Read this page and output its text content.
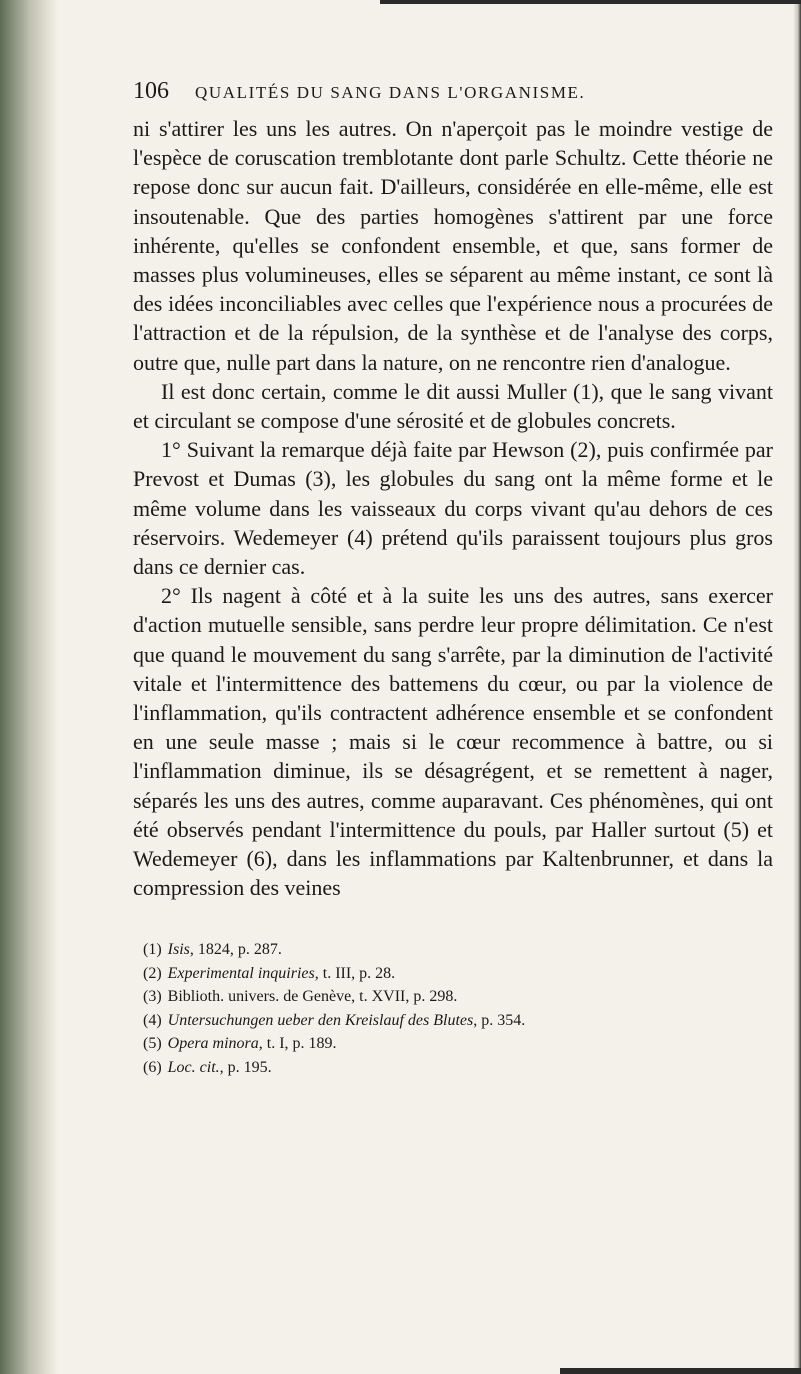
106	QUALITÉS DU SANG DANS L'ORGANISME.

ni s'attirer les uns les autres. On n'aperçoit pas le moindre vestige de l'espèce de coruscation tremblotante dont parle Schultz. Cette théorie ne repose donc sur aucun fait. D'ailleurs, considérée en elle-même, elle est insoutenable. Que des parties homogènes s'attirent par une force inhérente, qu'elles se confondent ensemble, et que, sans former de masses plus volumineuses, elles se séparent au même instant, ce sont là des idées inconciliables avec celles que l'expérience nous a procurées de l'attraction et de la répulsion, de la synthèse et de l'analyse des corps, outre que, nulle part dans la nature, on ne rencontre rien d'analogue.

Il est donc certain, comme le dit aussi Muller (1), que le sang vivant et circulant se compose d'une sérosité et de globules concrets.

1° Suivant la remarque déjà faite par Hewson (2), puis confirmée par Prevost et Dumas (3), les globules du sang ont la même forme et le même volume dans les vaisseaux du corps vivant qu'au dehors de ces réservoirs. Wedemeyer (4) prétend qu'ils paraissent toujours plus gros dans ce dernier cas.

2° Ils nagent à côté et à la suite les uns des autres, sans exercer d'action mutuelle sensible, sans perdre leur propre délimitation. Ce n'est que quand le mouvement du sang s'arrête, par la diminution de l'activité vitale et l'intermittence des battemens du cœur, ou par la violence de l'inflammation, qu'ils contractent adhérence ensemble et se confondent en une seule masse ; mais si le cœur recommence à battre, ou si l'inflammation diminue, ils se désagrégent, et se remettent à nager, séparés les uns des autres, comme auparavant. Ces phénomènes, qui ont été observés pendant l'intermittence du pouls, par Haller surtout (5) et Wedemeyer (6), dans les inflammations par Kaltenbrunner, et dans la compression des veines

(1) Isis, 1824, p. 287.
(2) Experimental inquiries, t. III, p. 28.
(3) Biblioth. univers. de Genève, t. XVII, p. 298.
(4) Untersuchungen ueber den Kreislauf des Blutes, p. 354.
(5) Opera minora, t. I, p. 189.
(6) Loc. cit., p. 195.
